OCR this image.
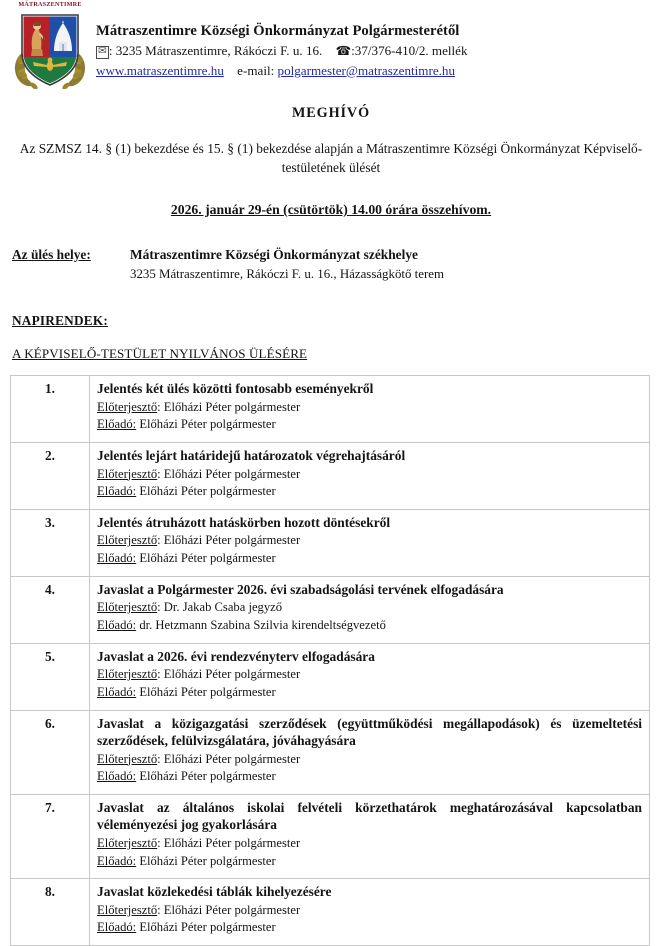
MÁTRASZENTIMRE
Mátraszentimre Községi Önkormányzat Polgármesterétől
✉ : 3235 Mátraszentimre, Rákóczi F. u. 16. ☎:37/376-410/2. mellék
www.matraszentimre.hu e-mail: polgarmester@matraszentimre.hu
MEGHÍVÓ
Az SZMSZ 14. § (1) bekezdése és 15. § (1) bekezdése alapján a Mátraszentimre Községi Önkormányzat Képviselő-testületének ülését
2026. január 29-én (csütörtök) 14.00 órára összehívom.
Az ülés helye:	Mátraszentimre Községi Önkormányzat székhelye
3235 Mátraszentimre, Rákóczi F. u. 16., Házasságkötő terem
NAPIRENDEK:
A KÉPVISELŐ-TESTÜLET NYILVÁNOS ÜLÉSÉRE
1.	Jelentés két ülés közötti fontosabb eseményekről
Előterjesztő: Előházi Péter polgármester
Előadó: Előházi Péter polgármester

2.	Jelentés lejárt határidejű határozatok végrehajtásáról
Előterjesztő: Előházi Péter polgármester
Előadó: Előházi Péter polgármester

3.	Jelentés átruházott hatáskörben hozott döntésekről
Előterjesztő: Előházi Péter polgármester
Előadó: Előházi Péter polgármester

4.	Javaslat a Polgármester 2026. évi szabadságolási tervének elfogadására
Előterjesztő: Dr. Jakab Csaba jegyző
Előadó: dr. Hetzmann Szabina Szilvia kirendeltségvezető

5.	Javaslat a 2026. évi rendezvényterv elfogadására
Előterjesztő: Előházi Péter polgármester
Előadó: Előházi Péter polgármester

6.	Javaslat a közigazgatási szerződések (együttműködési megállapodások) és üzemeltetési szerződések, felülvizsgálatára, jóváhagyására
Előterjesztő: Előházi Péter polgármester
Előadó: Előházi Péter polgármester

7.	Javaslat az általános iskolai felvételi körzethatárok meghatározásával kapcsolatban véleményezési jog gyakorlására
Előterjesztő: Előházi Péter polgármester
Előadó: Előházi Péter polgármester

8.	Javaslat közlekedési táblák kihelyezésére
Előterjesztő: Előházi Péter polgármester
Előadó: Előházi Péter polgármester
